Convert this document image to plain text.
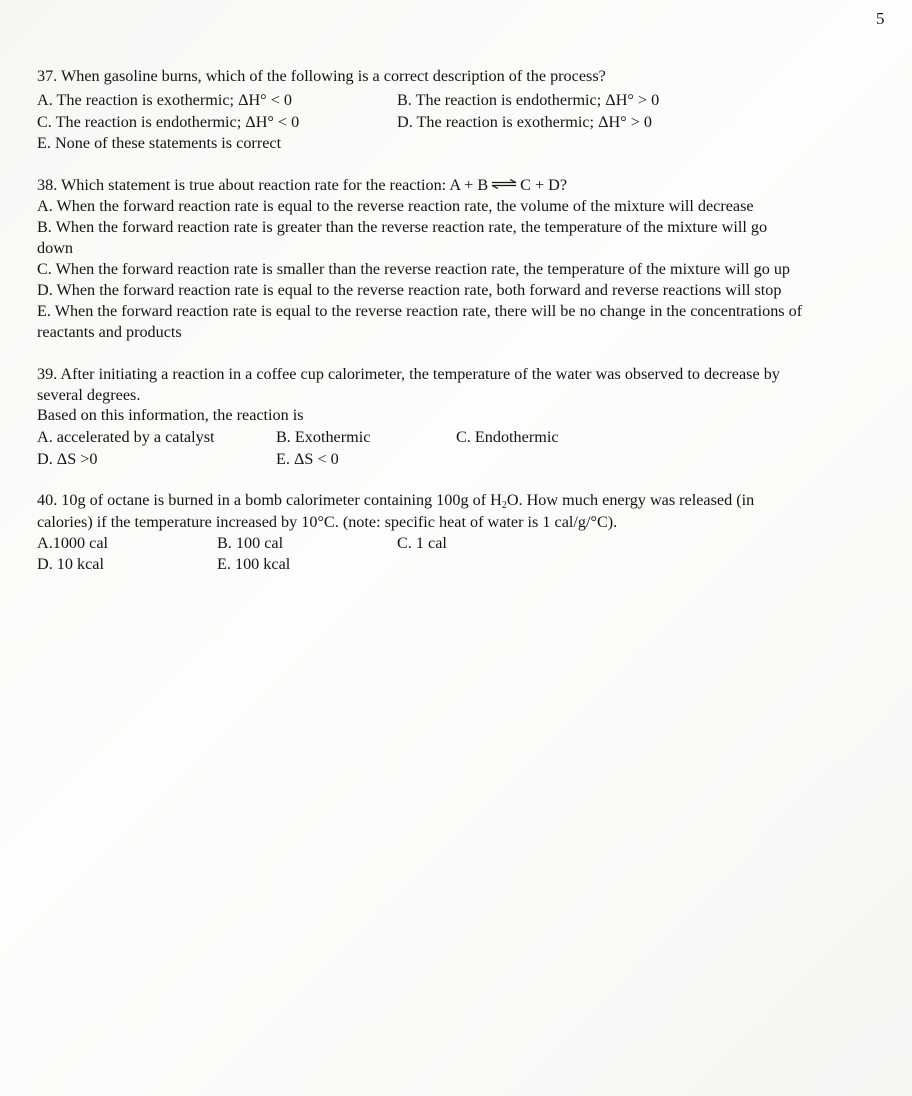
5
37. When gasoline burns, which of the following is a correct description of the process?
A. The reaction is exothermic; ΔH° < 0	B. The reaction is endothermic; ΔH° > 0
C. The reaction is endothermic; ΔH° < 0	D. The reaction is exothermic; ΔH° > 0
E. None of these statements is correct
38. Which statement is true about reaction rate for the reaction: A + B ⇌ C + D?
A. When the forward reaction rate is equal to the reverse reaction rate, the volume of the mixture will decrease
B. When the forward reaction rate is greater than the reverse reaction rate, the temperature of the mixture will go
down
C. When the forward reaction rate is smaller than the reverse reaction rate, the temperature of the mixture will go up
D. When the forward reaction rate is equal to the reverse reaction rate, both forward and reverse reactions will stop
E. When the forward reaction rate is equal to the reverse reaction rate, there will be no change in the concentrations of
reactants and products
39. After initiating a reaction in a coffee cup calorimeter, the temperature of the water was observed to decrease by
several degrees.
Based on this information, the reaction is
A. accelerated by a catalyst	B. Exothermic	C. Endothermic
D. ΔS >0	E. ΔS < 0
40. 10g of octane is burned in a bomb calorimeter containing 100g of $H_2O$. How much energy was released (in
calories) if the temperature increased by 10°C. (note: specific heat of water is 1 cal/g/°C).
A.1000 cal	B. 100 cal	C. 1 cal
D. 10 kcal	E. 100 kcal
